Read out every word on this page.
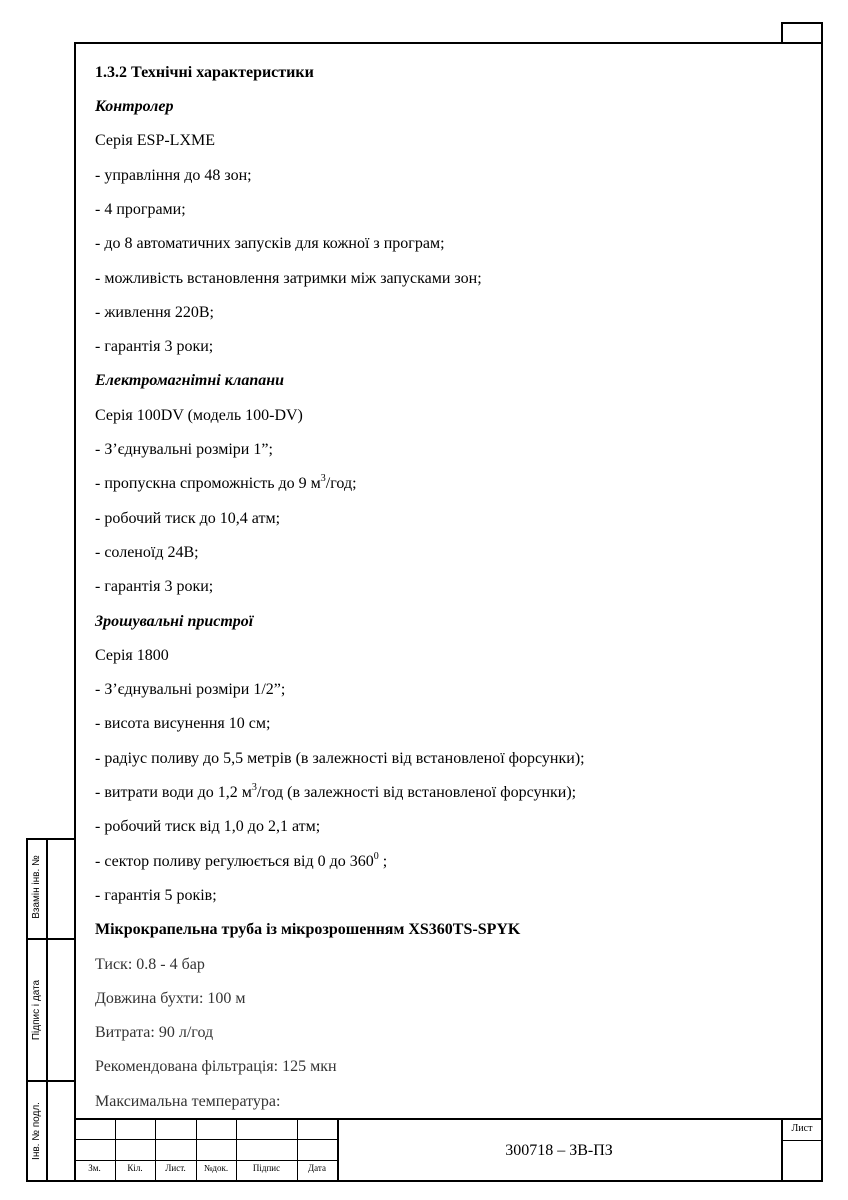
Взамін інв. №
Підпис і дата
Інв. № подл.
1.3.2 Технічні характеристики
Контролер
Серія ESP-LXME
- управління до 48 зон;
- 4 програми;
- до 8 автоматичних запусків для кожної з програм;
- можливість встановлення затримки між запусками зон;
- живлення 220В;
- гарантія 3 роки;
Електромагнітні клапани
Серія 100DV (модель 100-DV)
- З’єднувальні розміри 1”;
- пропускна спроможність до 9 $м^3$/год;
- робочий тиск до 10,4 атм;
- соленоїд 24В;
- гарантія 3 роки;
Зрошувальні пристрої
Серія 1800
- З’єднувальні розміри 1/2”;
- висота висунення 10 см;
- радіус поливу до 5,5 метрів (в залежності від встановленої форсунки);
- витрати води до 1,2 $м^3$/год (в залежності від встановленої форсунки);
- робочий тиск від 1,0 до 2,1 атм;
- сектор поливу регулюється від 0 до $360^0$ ;
- гарантія 5 років;
Мікрокрапельна труба із мікрозрошенням XS360TS-SPYK
Тиск: 0.8 - 4 бар
Довжина бухти: 100 м
Витрата: 90 л/год
Рекомендована фільтрація: 125 мкн
Максимальна температура:
Зм.	Кіл.	Лист.	№док.	Підпис	Дата
300718 – ЗВ-ПЗ
Лист
